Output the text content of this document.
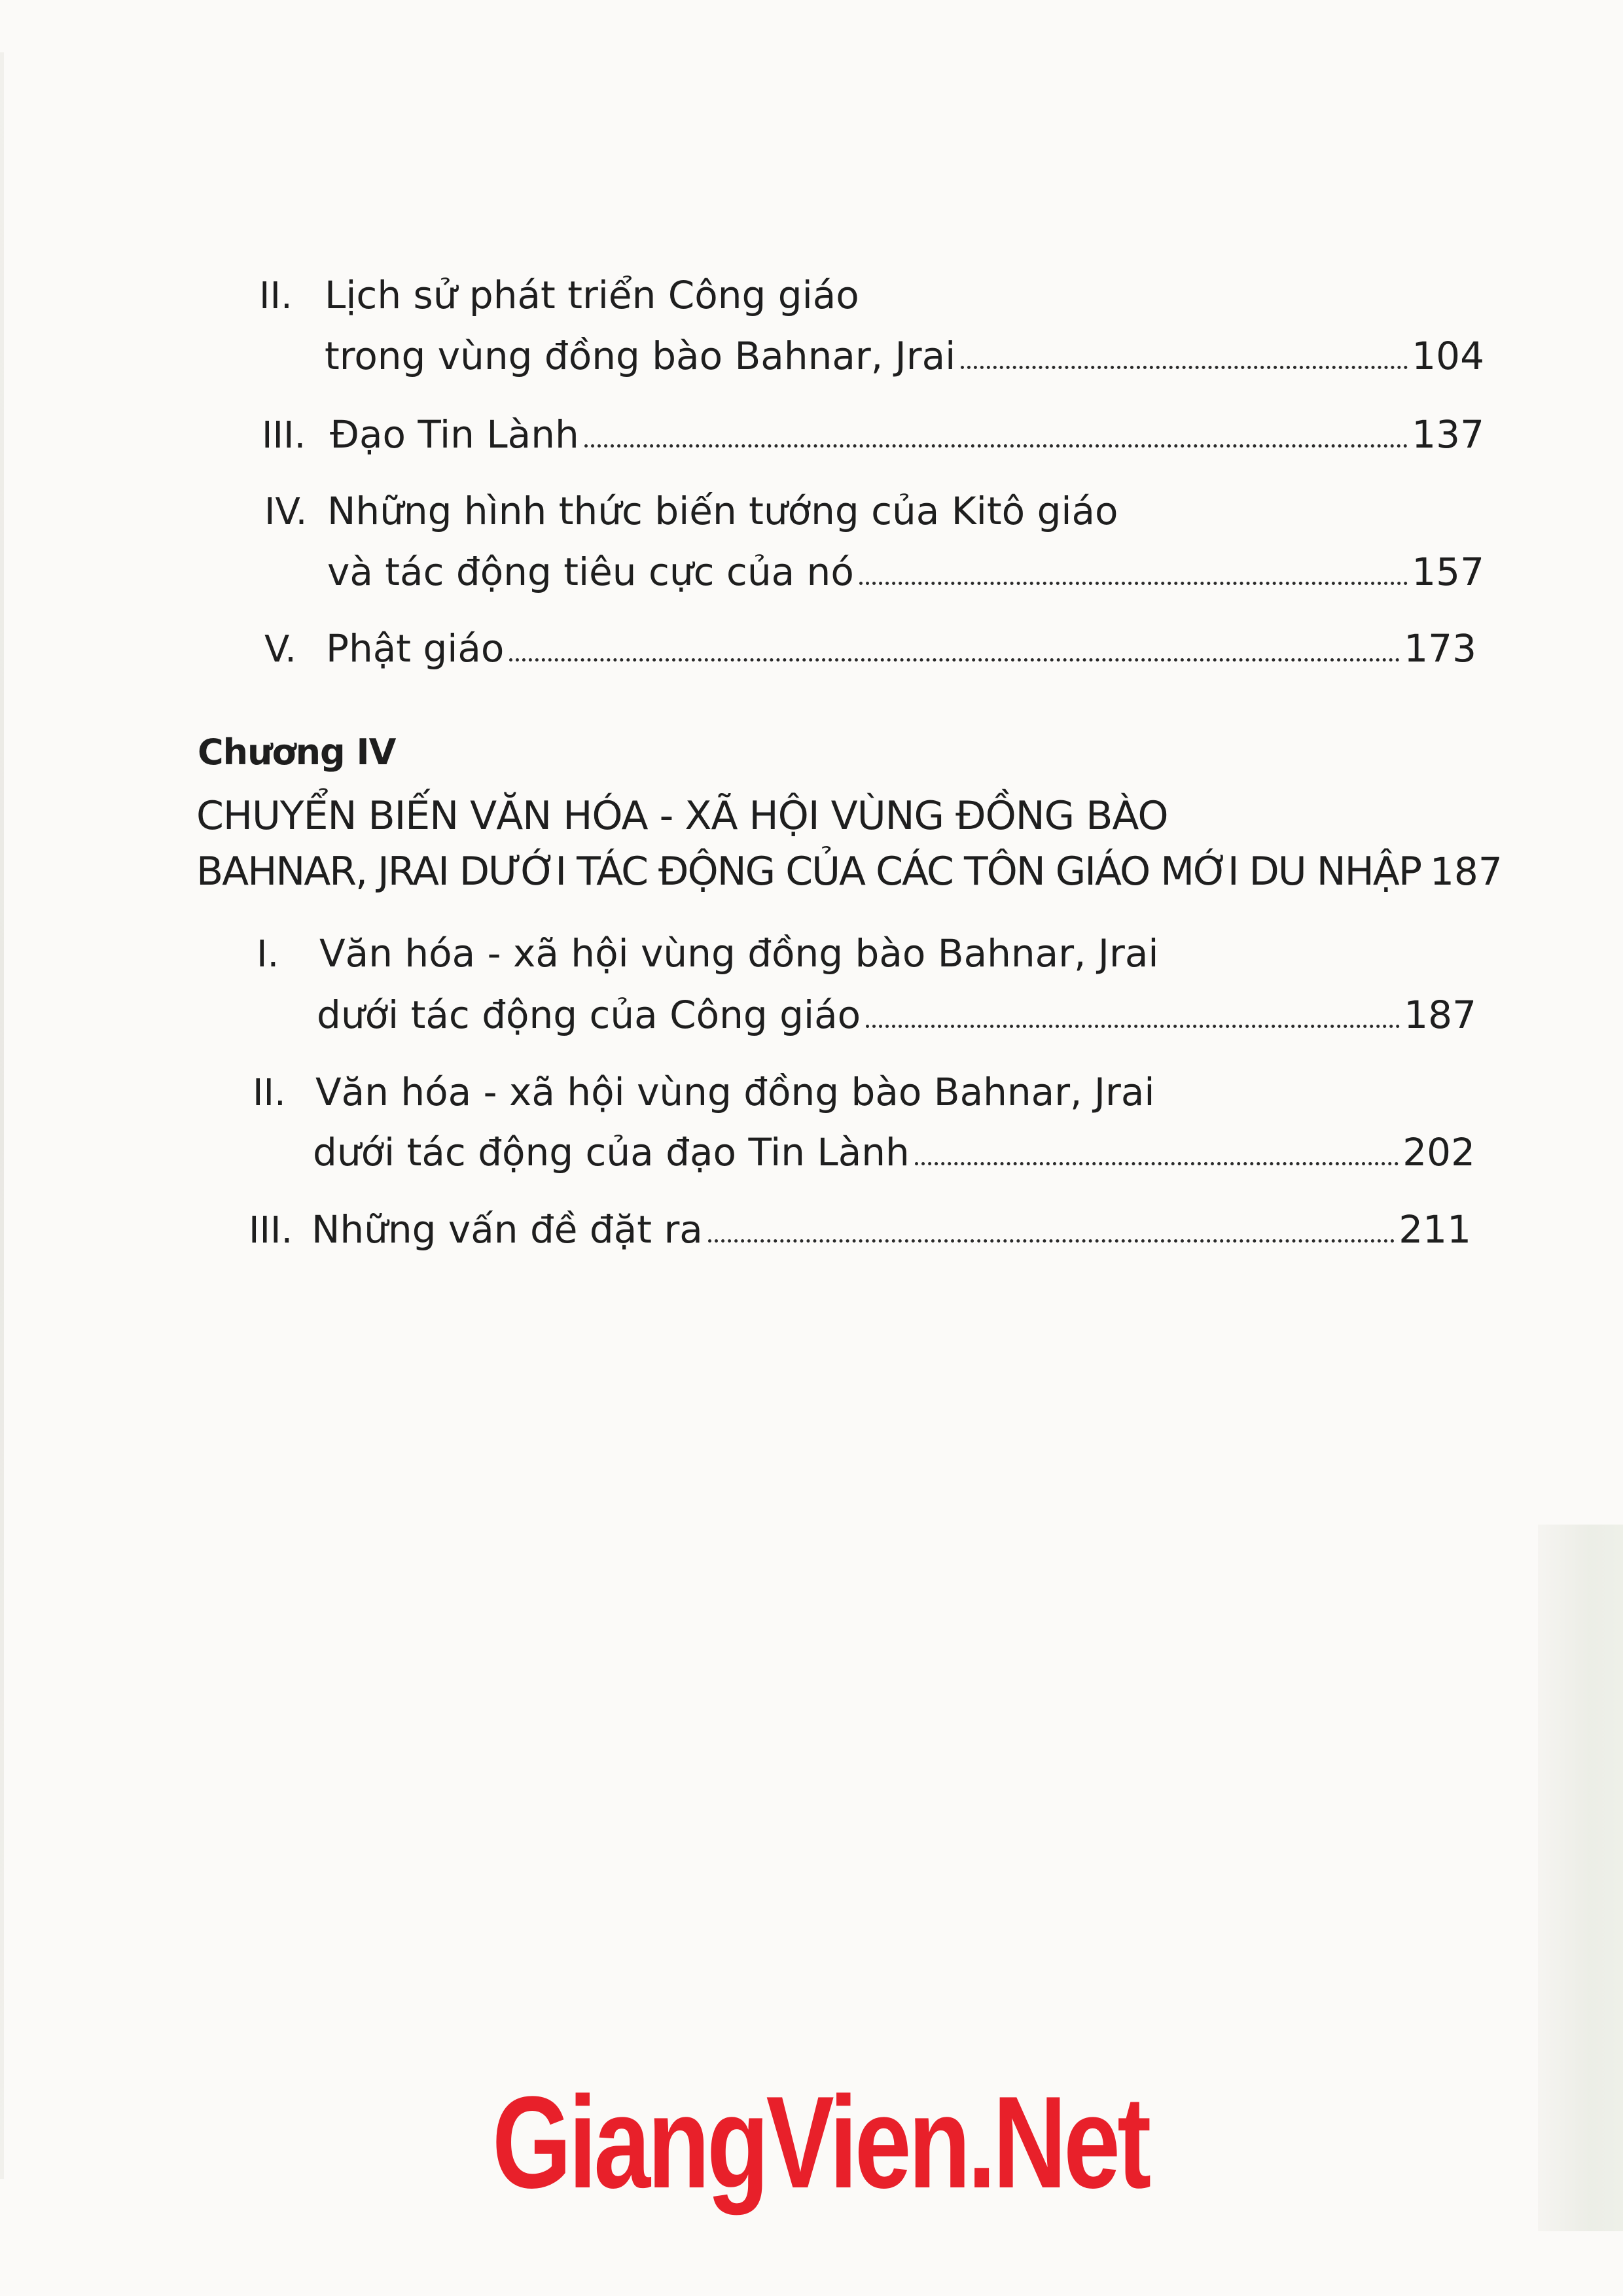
II. Lịch sử phát triển Công giáo
trong vùng đồng bào Bahnar, Jrai	104
III. Đạo Tin Lành	137
IV. Những hình thức biến tướng của Kitô giáo
và tác động tiêu cực của nó	157
V. Phật giáo	173
Chương IV
CHUYỂN BIẾN VĂN HÓA - XÃ HỘI VÙNG ĐỒNG BÀO
BAHNAR, JRAI DƯỚI TÁC ĐỘNG CỦA CÁC TÔN GIÁO MỚI DU NHẬP 187
I.	Văn hóa - xã hội vùng đồng bào Bahnar, Jrai
dưới tác động của Công giáo	187
II. Văn hóa - xã hội vùng đồng bào Bahnar, Jrai
dưới tác động của đạo Tin Lành	202
III. Những vấn đề đặt ra	211
GiangVien.Net
